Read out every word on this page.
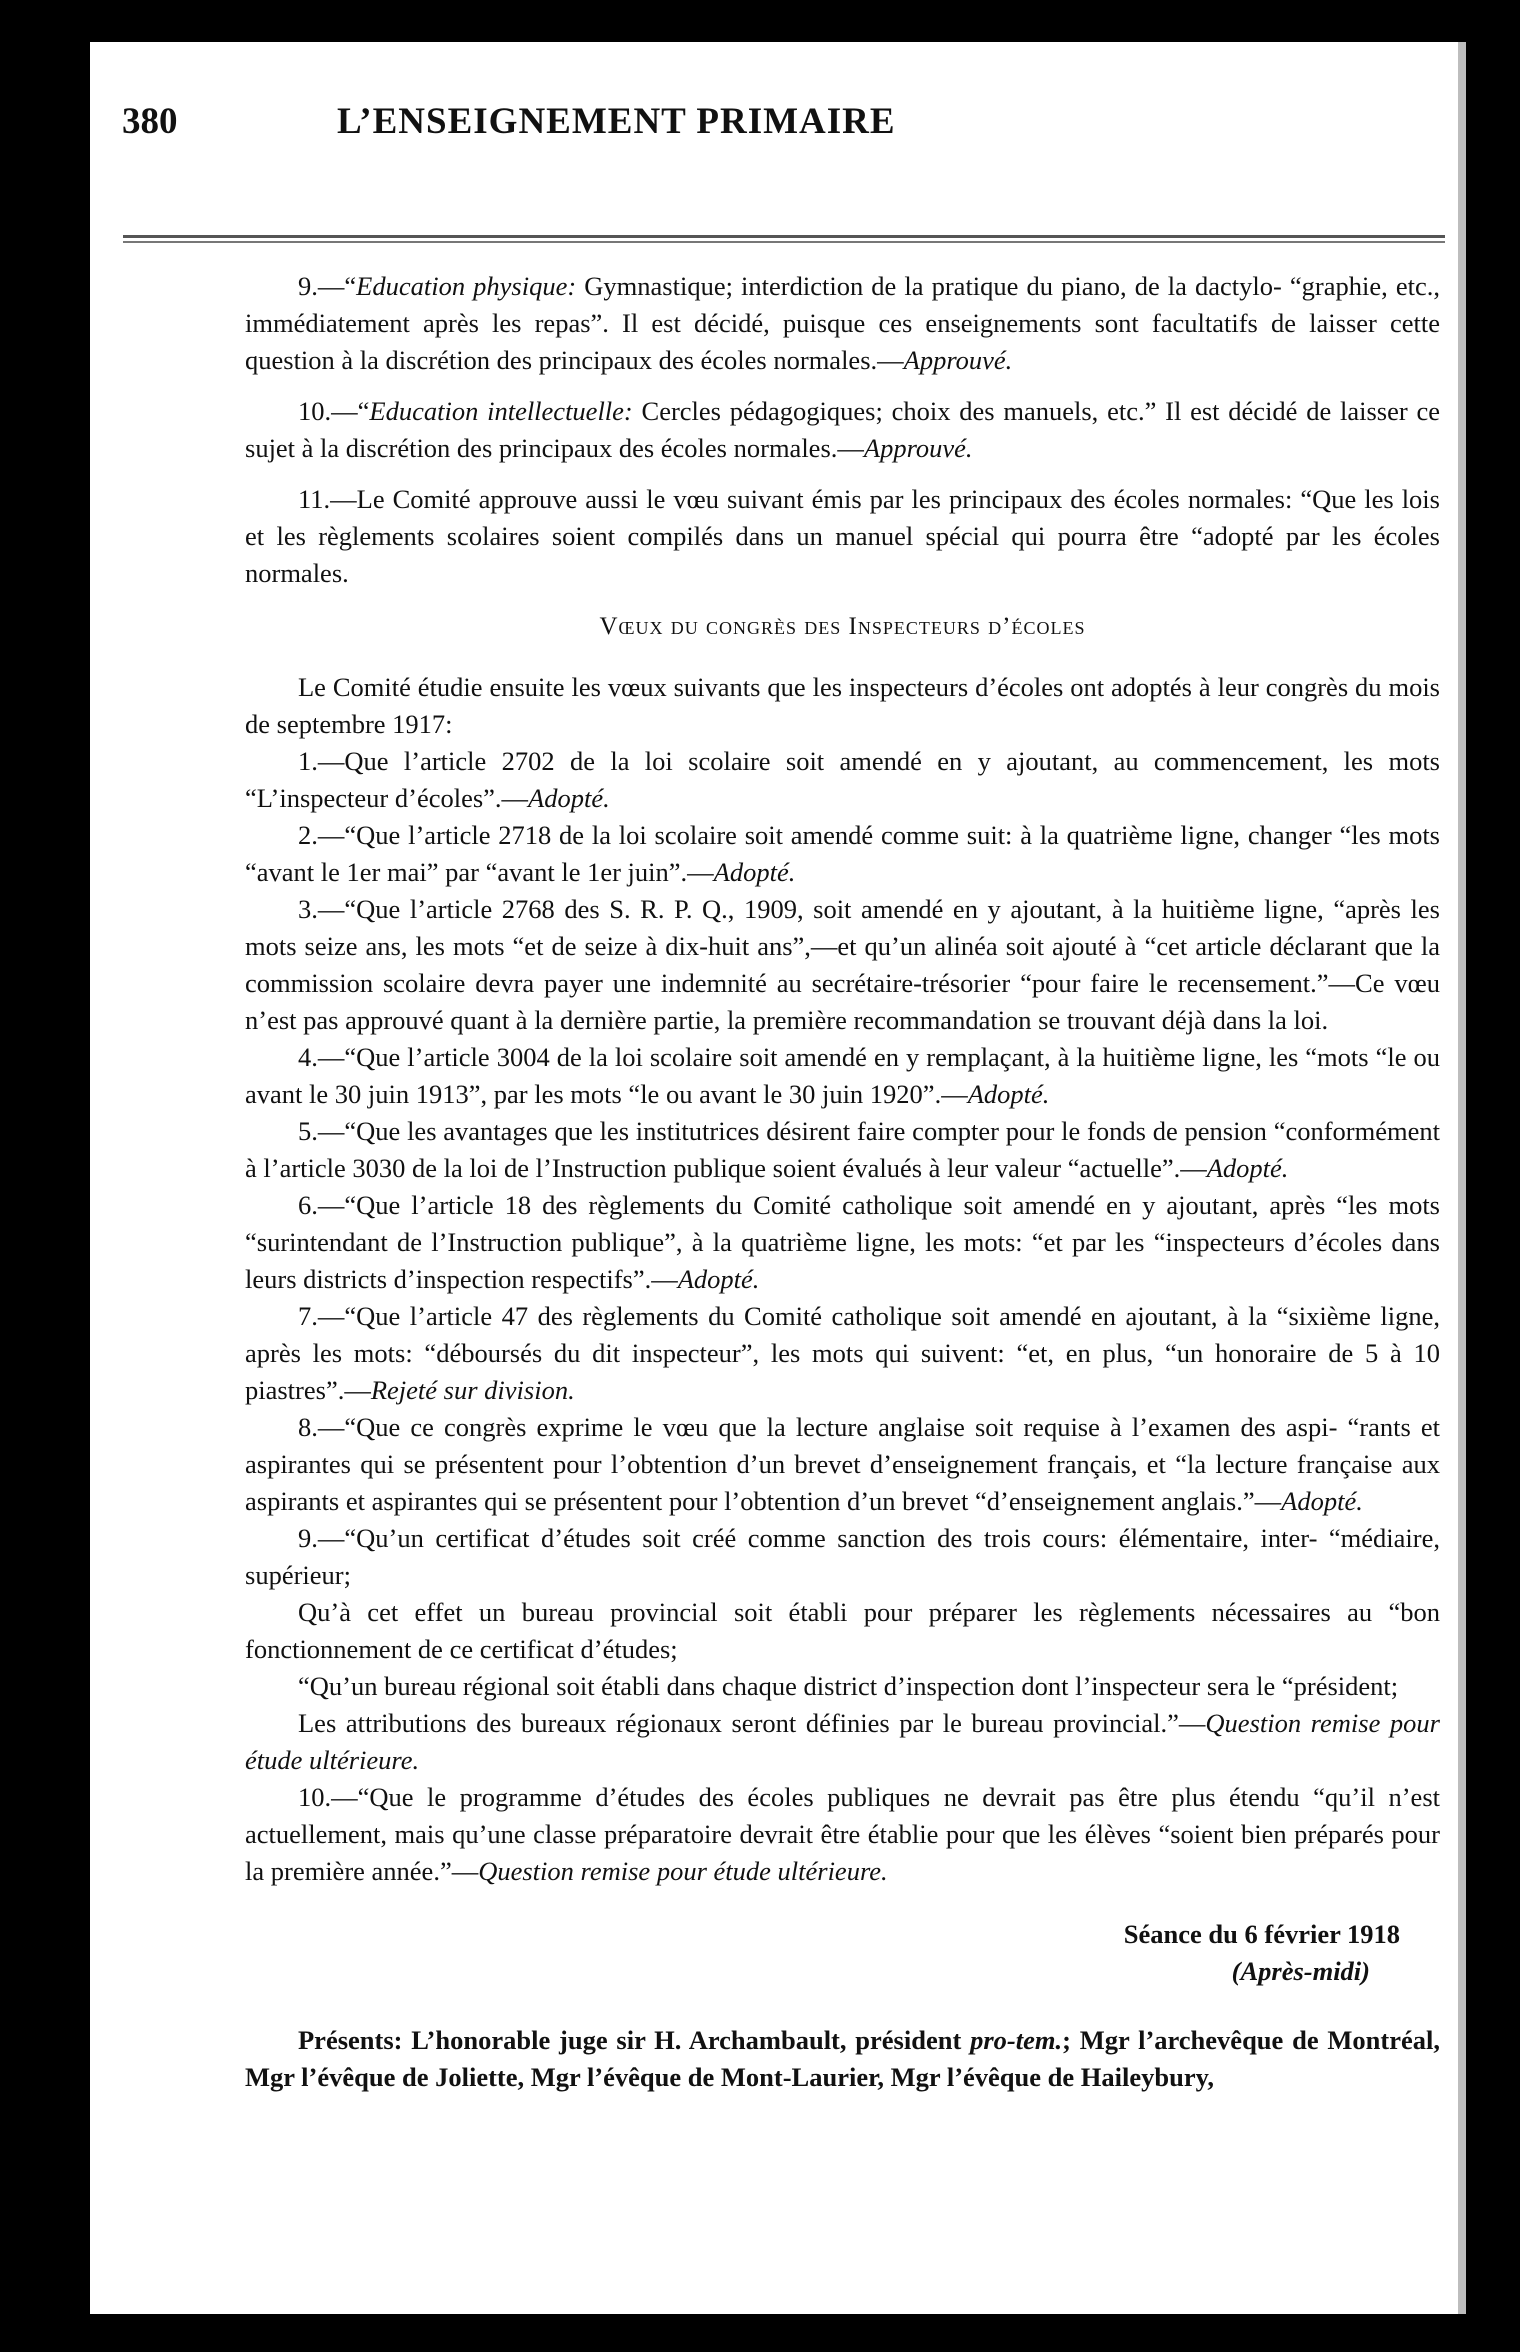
380	L’ENSEIGNEMENT PRIMAIRE

9.—“Education physique: Gymnastique; interdiction de la pratique du piano, de la dactylo- “graphie, etc., immédiatement après les repas”. Il est décidé, puisque ces enseignements sont facultatifs de laisser cette question à la discrétion des principaux des écoles normales.—Approuvé.

10.—“Education intellectuelle: Cercles pédagogiques; choix des manuels, etc.” Il est décidé de laisser ce sujet à la discrétion des principaux des écoles normales.—Approuvé.

11.—Le Comité approuve aussi le vœu suivant émis par les principaux des écoles normales: “Que les lois et les règlements scolaires soient compilés dans un manuel spécial qui pourra être “adopté par les écoles normales.

Vœux du congrès des Inspecteurs d’écoles

Le Comité étudie ensuite les vœux suivants que les inspecteurs d’écoles ont adoptés à leur congrès du mois de septembre 1917:

1.—Que l’article 2702 de la loi scolaire soit amendé en y ajoutant, au commencement, les mots “L’inspecteur d’écoles”.—Adopté.

2.—“Que l’article 2718 de la loi scolaire soit amendé comme suit: à la quatrième ligne, changer “les mots “avant le 1er mai” par “avant le 1er juin”.—Adopté.

3.—“Que l’article 2768 des S. R. P. Q., 1909, soit amendé en y ajoutant, à la huitième ligne, “après les mots seize ans, les mots “et de seize à dix-huit ans”,—et qu’un alinéa soit ajouté à “cet article déclarant que la commission scolaire devra payer une indemnité au secrétaire-trésorier “pour faire le recensement.”—Ce vœu n’est pas approuvé quant à la dernière partie, la première recommandation se trouvant déjà dans la loi.

4.—“Que l’article 3004 de la loi scolaire soit amendé en y remplaçant, à la huitième ligne, les “mots “le ou avant le 30 juin 1913”, par les mots “le ou avant le 30 juin 1920”.—Adopté.

5.—“Que les avantages que les institutrices désirent faire compter pour le fonds de pension “conformément à l’article 3030 de la loi de l’Instruction publique soient évalués à leur valeur “actuelle”.—Adopté.

6.—“Que l’article 18 des règlements du Comité catholique soit amendé en y ajoutant, après “les mots “surintendant de l’Instruction publique”, à la quatrième ligne, les mots: “et par les “inspecteurs d’écoles dans leurs districts d’inspection respectifs”.—Adopté.

7.—“Que l’article 47 des règlements du Comité catholique soit amendé en ajoutant, à la “sixième ligne, après les mots: “déboursés du dit inspecteur”, les mots qui suivent: “et, en plus, “un honoraire de 5 à 10 piastres”.—Rejeté sur division.

8.—“Que ce congrès exprime le vœu que la lecture anglaise soit requise à l’examen des aspi- “rants et aspirantes qui se présentent pour l’obtention d’un brevet d’enseignement français, et “la lecture française aux aspirants et aspirantes qui se présentent pour l’obtention d’un brevet “d’enseignement anglais.”—Adopté.

9.—“Qu’un certificat d’études soit créé comme sanction des trois cours: élémentaire, inter- “médiaire, supérieur;

Qu’à cet effet un bureau provincial soit établi pour préparer les règlements nécessaires au “bon fonctionnement de ce certificat d’études;

“Qu’un bureau régional soit établi dans chaque district d’inspection dont l’inspecteur sera le “président;

Les attributions des bureaux régionaux seront définies par le bureau provincial.”—Question remise pour étude ultérieure.

10.—“Que le programme d’études des écoles publiques ne devrait pas être plus étendu “qu’il n’est actuellement, mais qu’une classe préparatoire devrait être établie pour que les élèves “soient bien préparés pour la première année.”—Question remise pour étude ultérieure.

Séance du 6 février 1918
(Après-midi)

Présents: L’honorable juge sir H. Archambault, président pro-tem.; Mgr l’archevêque de Montréal, Mgr l’évêque de Joliette, Mgr l’évêque de Mont-Laurier, Mgr l’évêque de Haileybury,
